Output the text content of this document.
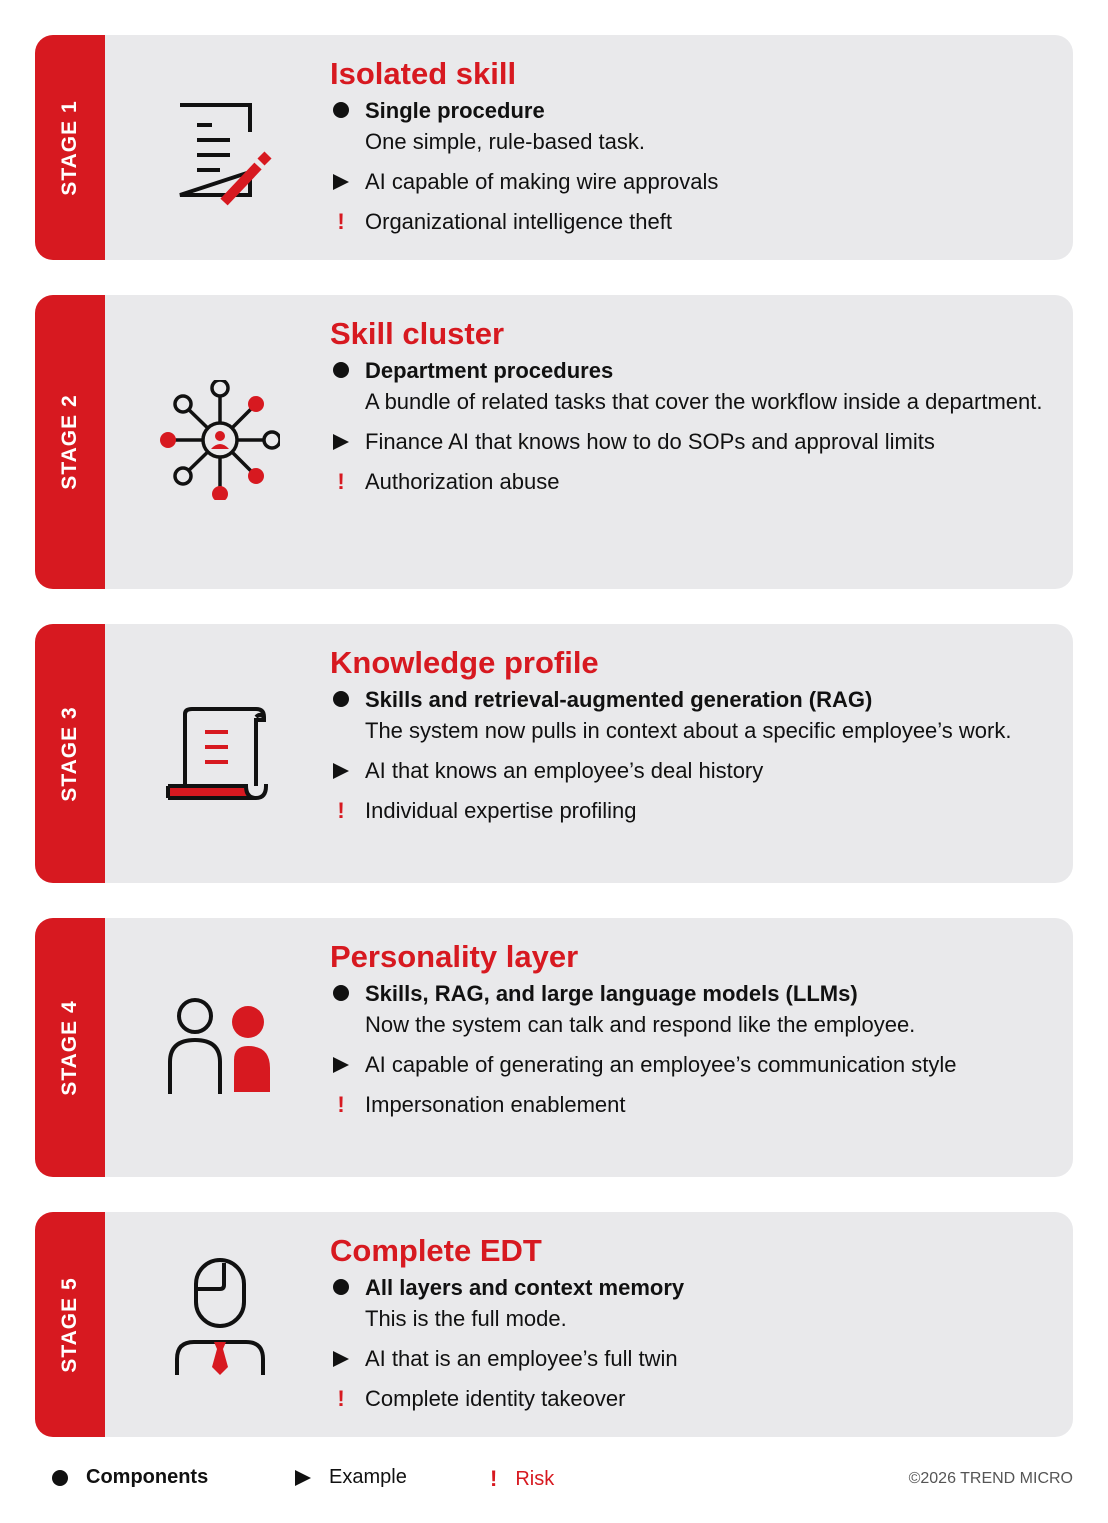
STAGE 1
Isolated skill
Single procedure
One simple, rule-based task.
AI capable of making wire approvals
! Organizational intelligence theft
STAGE 2
Skill cluster
Department procedures
A bundle of related tasks that cover the workflow inside a department.
Finance AI that knows how to do SOPs and approval limits
! Authorization abuse
STAGE 3
Knowledge profile
Skills and retrieval-augmented generation (RAG)
The system now pulls in context about a specific employee’s work.
AI that knows an employee’s deal history
! Individual expertise profiling
STAGE 4
Personality layer
Skills, RAG, and large language models (LLMs)
Now the system can talk and respond like the employee.
AI capable of generating an employee’s communication style
! Impersonation enablement
STAGE 5
Complete EDT
All layers and context memory
This is the full mode.
AI that is an employee’s full twin
! Complete identity takeover
Components	Example	! Risk	©2026 TREND MICRO
